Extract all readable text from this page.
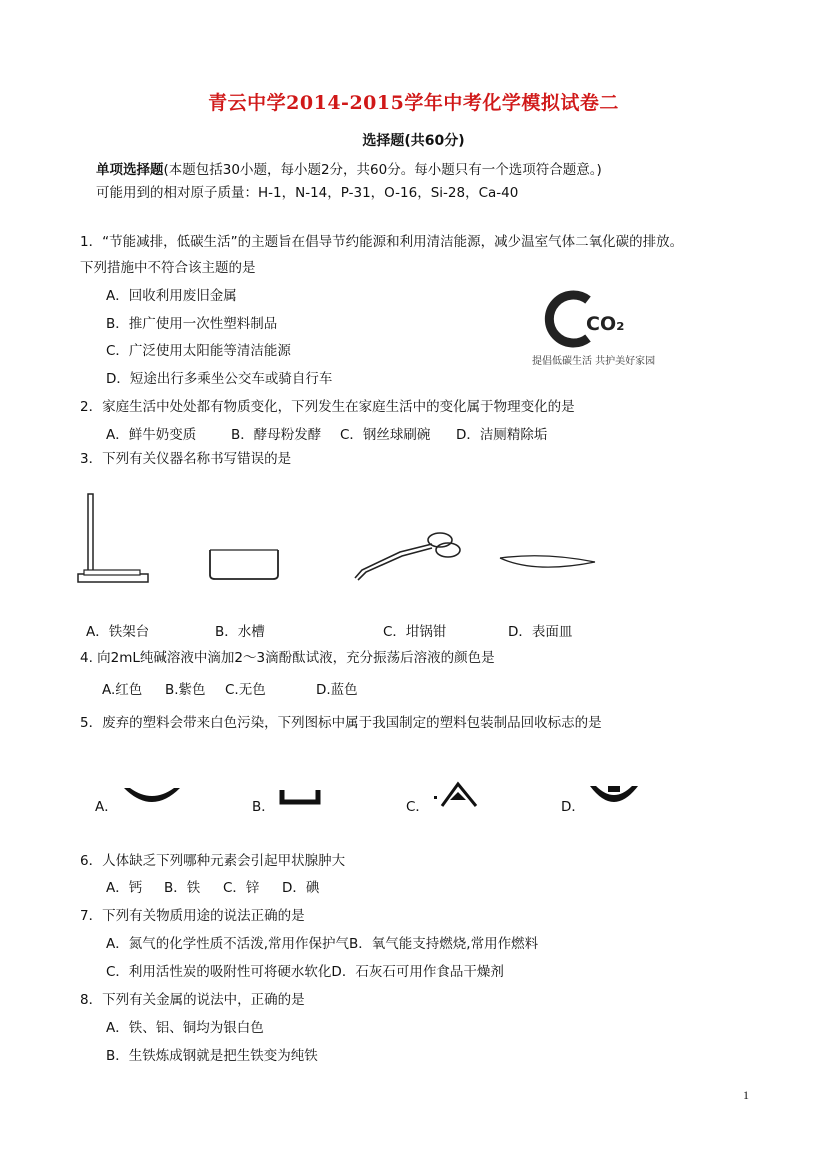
青云中学2014-2015学年中考化学模拟试卷二
选择题(共60分)
单项选择题(本题包括30小题，每小题2分，共60分。每小题只有一个选项符合题意。)
可能用到的相对原子质量：H-1，N-14，P-31，O-16，Si-28，Ca-40
1．“节能减排，低碳生活”的主题旨在倡导节约能源和利用清洁能源，减少温室气体二氧化碳的排放。
下列措施中不符合该主题的是
A．回收利用废旧金属
B．推广使用一次性塑料制品
C．广泛使用太阳能等清洁能源
D．短途出行多乘坐公交车或骑自行车
CO₂
提倡低碳生活 共护美好家园
2．家庭生活中处处都有物质变化，下列发生在家庭生活中的变化属于物理变化的是
A．鲜牛奶变质	B．酵母粉发酵 C．钢丝球刷碗 D．洁厕精除垢
3．下列有关仪器名称书写错误的是
A．铁架台	B．水槽	C．坩锅钳	D．表面皿
4. 向2mL纯碱溶液中滴加2～3滴酚酞试液，充分振荡后溶液的颜色是
A.红色 B.紫色 C.无色	D.蓝色
5．废弃的塑料会带来白色污染，下列图标中属于我国制定的塑料包装制品回收标志的是
A．	B．	C．	D．
6．人体缺乏下列哪种元素会引起甲状腺肿大
A．钙 B．铁 C．锌 D．碘
7．下列有关物质用途的说法正确的是
A．氮气的化学性质不活泼,常用作保护气B．氧气能支持燃烧,常用作燃料
C．利用活性炭的吸附性可将硬水软化D．石灰石可用作食品干燥剂
8．下列有关金属的说法中，正确的是
A．铁、铝、铜均为银白色
B．生铁炼成钢就是把生铁变为纯铁
1
